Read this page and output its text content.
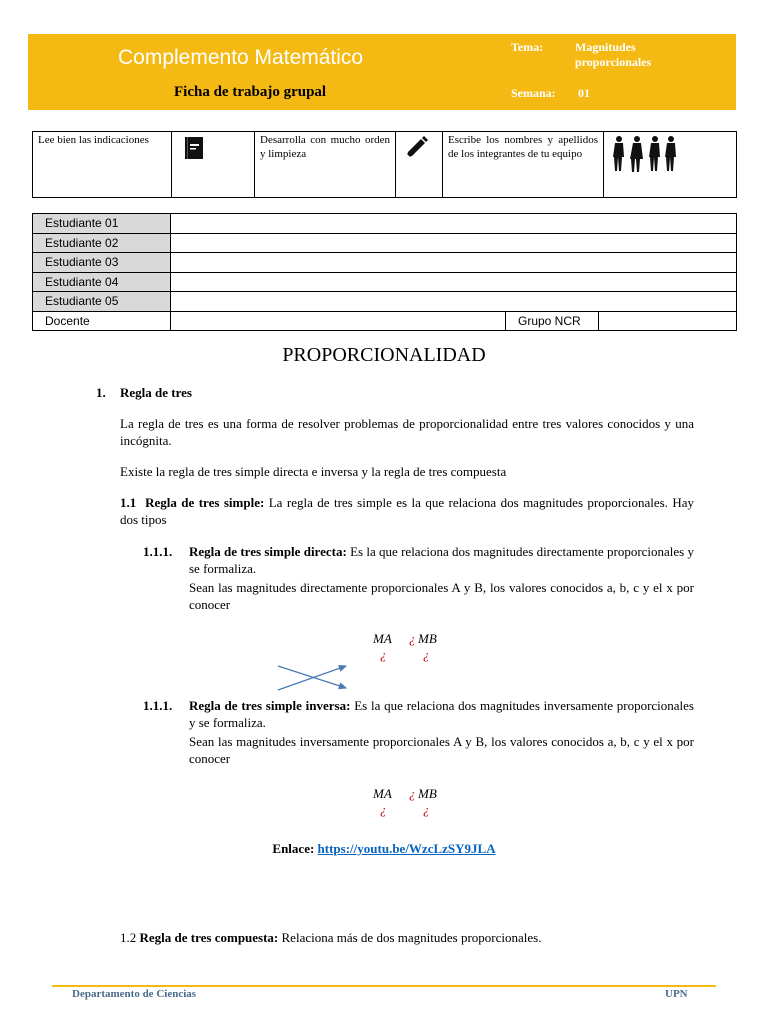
Complemento Matemático
Ficha de trabajo grupal
Tema:	Magnitudes proporcionales
Semana: 01
Lee bien las indicaciones		Desarrolla con mucho orden y limpieza		Escribe los nombres y apellidos de los integrantes de tu equipo	
Estudiante 01			
Estudiante 02			
Estudiante 03			
Estudiante 04			
Estudiante 05			
Docente		Grupo NCR	
PROPORCIONALIDAD
1. Regla de tres
La regla de tres es una forma de resolver problemas de proporcionalidad entre tres valores conocidos y una incógnita.
Existe la regla de tres simple directa e inversa y la regla de tres compuesta
1.1 Regla de tres simple: La regla de tres simple es la que relaciona dos magnitudes proporcionales. Hay dos tipos
1.1.1. Regla de tres simple directa: Es la que relaciona dos magnitudes directamente proporcionales y se formaliza.
Sean las magnitudes directamente proporcionales A y B, los valores conocidos a, b, c y el x por conocer
MA ¿ MB
¿	¿
1.1.1. Regla de tres simple inversa: Es la que relaciona dos magnitudes inversamente proporcionales y se formaliza.
Sean las magnitudes inversamente proporcionales A y B, los valores conocidos a, b, c y el x por conocer
MA ¿ MB
¿	¿
Enlace: https://youtu.be/WzcLzSY9JLA
1.2 Regla de tres compuesta: Relaciona más de dos magnitudes proporcionales.
Departamento de Ciencias	UPN
